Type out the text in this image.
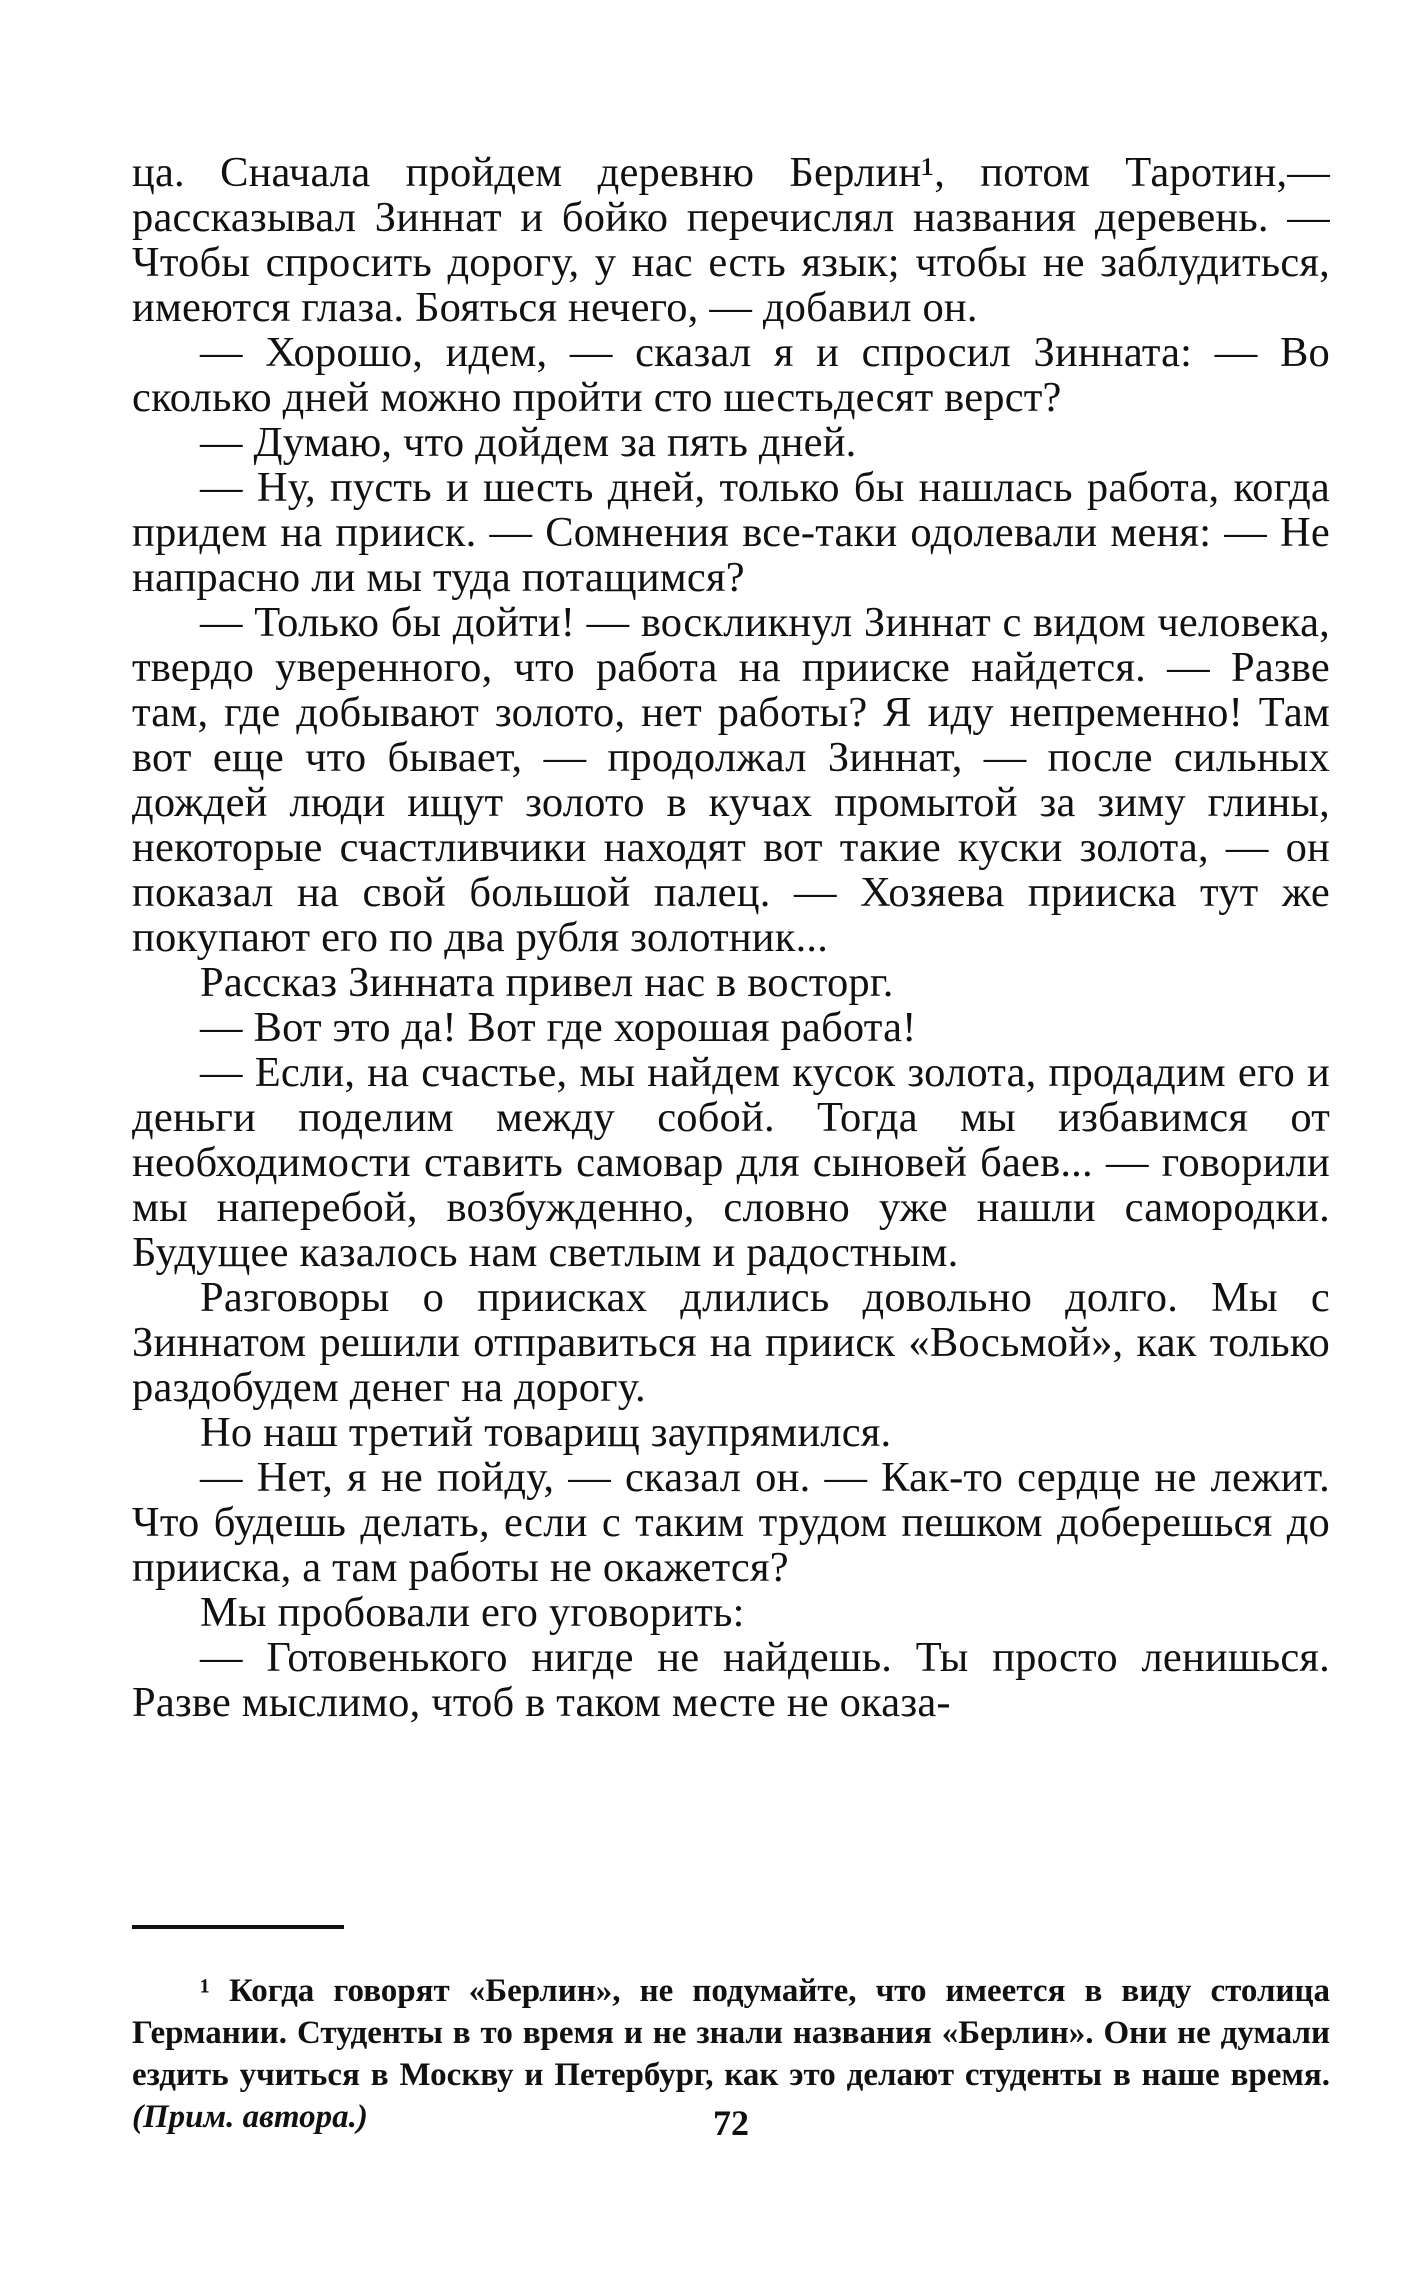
ца. Сначала пройдем деревню Берлин¹, потом Таротин,— рассказывал Зиннат и бойко перечислял названия деревень. — Чтобы спросить дорогу, у нас есть язык; чтобы не заблудиться, имеются глаза. Бояться нечего, — добавил он.

— Хорошо, идем, — сказал я и спросил Зинната: — Во сколько дней можно пройти сто шестьдесят верст?

— Думаю, что дойдем за пять дней.

— Ну, пусть и шесть дней, только бы нашлась работа, когда придем на прииск. — Сомнения все-таки одолевали меня: — Не напрасно ли мы туда потащимся?

— Только бы дойти! — воскликнул Зиннат с видом человека, твердо уверенного, что работа на прииске найдется. — Разве там, где добывают золото, нет работы? Я иду непременно! Там вот еще что бывает, — продолжал Зиннат, — после сильных дождей люди ищут золото в кучах промытой за зиму глины, некоторые счастливчики находят вот такие куски золота, — он показал на свой большой палец. — Хозяева прииска тут же покупают его по два рубля золотник...

Рассказ Зинната привел нас в восторг.

— Вот это да! Вот где хорошая работа!

— Если, на счастье, мы найдем кусок золота, продадим его и деньги поделим между собой. Тогда мы избавимся от необходимости ставить самовар для сыновей баев... — говорили мы наперебой, возбужденно, словно уже нашли самородки. Будущее казалось нам светлым и радостным.

Разговоры о приисках длились довольно долго. Мы с Зиннатом решили отправиться на прииск «Восьмой», как только раздобудем денег на дорогу.

Но наш третий товарищ заупрямился.

— Нет, я не пойду, — сказал он. — Как-то сердце не лежит. Что будешь делать, если с таким трудом пешком доберешься до прииска, а там работы не окажется?

Мы пробовали его уговорить:

— Готовенького нигде не найдешь. Ты просто ленишься. Разве мыслимо, чтоб в таком месте не оказа-

¹ Когда говорят «Берлин», не подумайте, что имеется в виду столица Германии. Студенты в то время и не знали названия «Берлин». Они не думали ездить учиться в Москву и Петербург, как это делают студенты в наше время. (Прим. автора.)	72
